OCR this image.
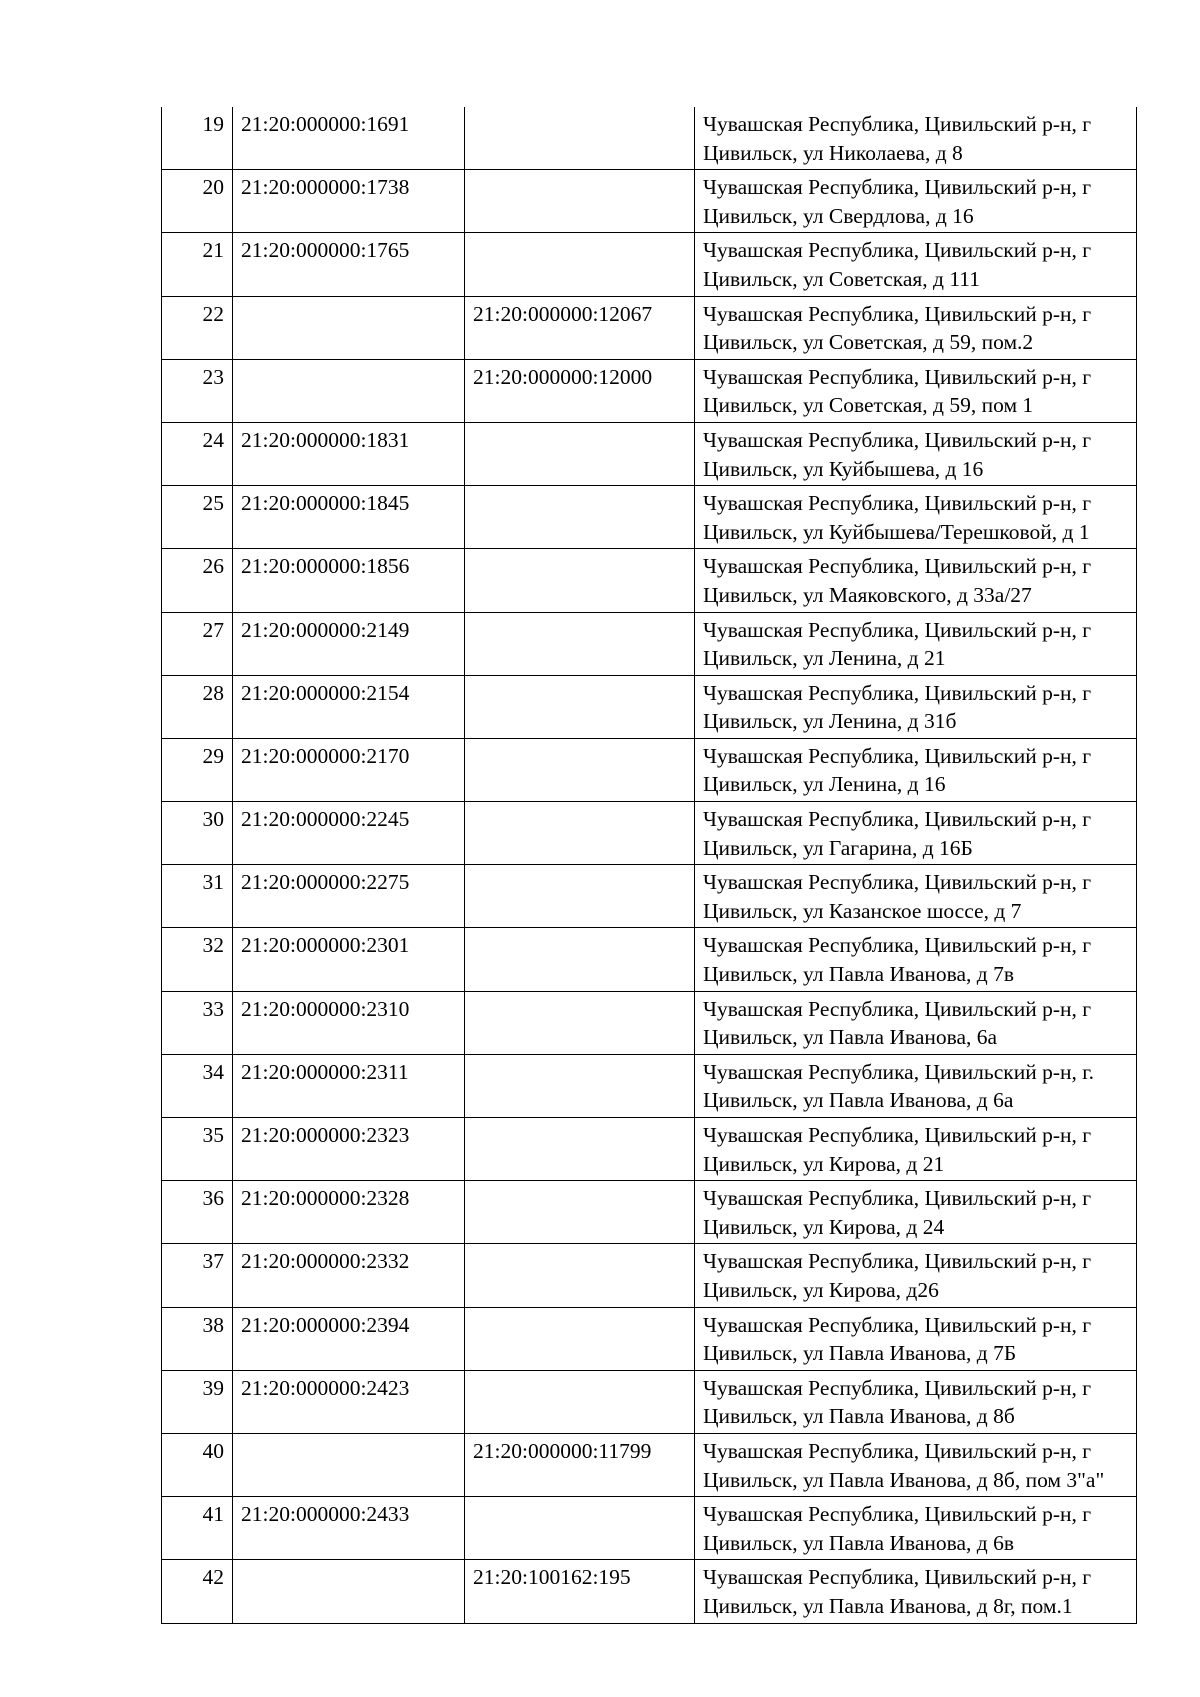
19	21:20:000000:1691		Чувашская Республика, Цивильский р-н, г Цивильск, ул Николаева, д 8
20	21:20:000000:1738		Чувашская Республика, Цивильский р-н, г Цивильск, ул Свердлова, д 16
21	21:20:000000:1765		Чувашская Республика, Цивильский р-н, г Цивильск, ул Советская, д 111
22		21:20:000000:12067	Чувашская Республика, Цивильский р-н, г Цивильск, ул Советская, д 59, пом.2
23		21:20:000000:12000	Чувашская Республика, Цивильский р-н, г Цивильск, ул Советская, д 59, пом 1
24	21:20:000000:1831		Чувашская Республика, Цивильский р-н, г Цивильск, ул Куйбышева, д 16
25	21:20:000000:1845		Чувашская Республика, Цивильский р-н, г Цивильск, ул Куйбышева/Терешковой, д 1
26	21:20:000000:1856		Чувашская Республика, Цивильский р-н, г Цивильск, ул Маяковского, д 33а/27
27	21:20:000000:2149		Чувашская Республика, Цивильский р-н, г Цивильск, ул Ленина, д 21
28	21:20:000000:2154		Чувашская Республика, Цивильский р-н, г Цивильск, ул Ленина, д 31б
29	21:20:000000:2170		Чувашская Республика, Цивильский р-н, г Цивильск, ул Ленина, д 16
30	21:20:000000:2245		Чувашская Республика, Цивильский р-н, г Цивильск, ул Гагарина, д 16Б
31	21:20:000000:2275		Чувашская Республика, Цивильский р-н, г Цивильск, ул Казанское шоссе, д 7
32	21:20:000000:2301		Чувашская Республика, Цивильский р-н, г Цивильск, ул Павла Иванова, д 7в
33	21:20:000000:2310		Чувашская Республика, Цивильский р-н, г Цивильск, ул Павла Иванова, 6а
34	21:20:000000:2311		Чувашская Республика, Цивильский р-н, г. Цивильск, ул Павла Иванова, д 6а
35	21:20:000000:2323		Чувашская Республика, Цивильский р-н, г Цивильск, ул Кирова, д 21
36	21:20:000000:2328		Чувашская Республика, Цивильский р-н, г Цивильск, ул Кирова, д 24
37	21:20:000000:2332		Чувашская Республика, Цивильский р-н, г Цивильск, ул Кирова, д26
38	21:20:000000:2394		Чувашская Республика, Цивильский р-н, г Цивильск, ул Павла Иванова, д 7Б
39	21:20:000000:2423		Чувашская Республика, Цивильский р-н, г Цивильск, ул Павла Иванова, д 8б
40		21:20:000000:11799	Чувашская Республика, Цивильский р-н, г Цивильск, ул Павла Иванова, д 8б, пом 3"а"
41	21:20:000000:2433		Чувашская Республика, Цивильский р-н, г Цивильск, ул Павла Иванова, д 6в
42		21:20:100162:195	Чувашская Республика, Цивильский р-н, г Цивильск, ул Павла Иванова, д 8г, пом.1
